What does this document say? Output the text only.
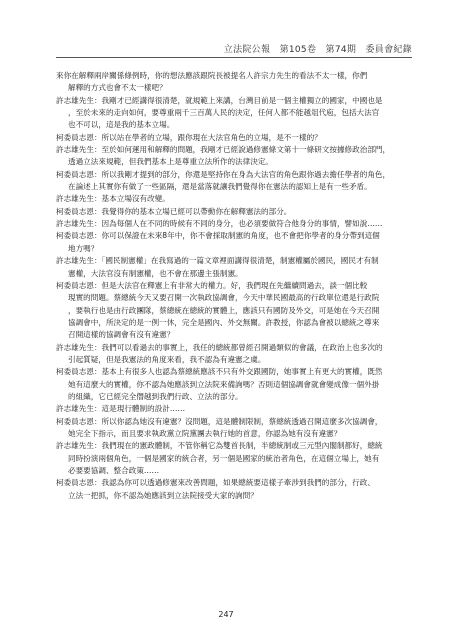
立法院公報　第105卷　第74期　委員會紀錄
來你在解釋兩岸關係條例時，你的想法應該跟院長被提名人許宗力先生的看法不太一樣，你們
解釋的方式也會不太一樣吧？
許志雄先生：我剛才已經講得很清楚，就規範上來講，台灣目前是一個主權獨立的國家，中國也是
，至於未來的走向如何，要尊重兩千三百萬人民的決定，任何人都不能越俎代庖，包括大法官
也不可以，這是我的基本立場。
柯委員志恩：所以站在學者的立場，跟你現在大法官角色的立場，是不一樣的？
許志雄先生：至於如何運用和解釋的問題，我剛才已經說過修憲條文第十一條研文按據修政治部門，
透過立法來規範，但我們基本上是尊重立法所作的法律決定。
柯委員志恩：所以我剛才提到的部分，你還是堅持你在身為大法官的角色跟你過去擔任學者的角色，
在論述上其實你有做了一些區隔，還是當落就讓我們覺得你在憲法的認知上是有一些矛盾。
許志雄先生：基本立場沒有改變。
柯委員志恩：我覺得你的基本立場已經可以帶動你在解釋憲法的部分。
許志雄先生：因為每個人在不同的時候有不同的身分，也必須要做符合他身分的事情，譬如說……
柯委員志恩：你可以保證在未來8年中，你不會採取制憲的角度，也不會把你學者的身分帶到這個
地方嗎？
許志雄先生：「國民制憲權」在我寫過的一篇文章裡面講得很清楚，制憲權屬於國民，國民才有制
憲權，大法官沒有制憲權，也不會在那邊主張制憲。
柯委員志恩：但是大法官在釋憲上有非常大的權力。好，我們現在先繼續問過去，談一個比較
現實的問題。蔡總統今天又要召開一次執政協調會，今天中華民國最高的行政單位還是行政院
，要執行也是由行政團隊，蔡總統在總統的實體上，應該只有國防及外交，可是她在今天召開
協調會中，所決定的是一例一休，完全是國內、外交無關。許教授，你認為會被以總統之尊來
召開這樣的協調會有沒有違憲？
許志雄先生：我們可以看過去的事實上，我任的總統都曾經召開過類似的會議，在政治上也多次的
引起質疑，但是我憲法的角度來看，我不認為有違憲之虞。
柯委員志恩：基本上有很多人也認為蔡總統應該不只有外交跟國防，她事實上有更大的實權，既然
她有這麼大的實權，你不認為她應該到立法院來備詢嗎？否則這個協調會就會變成像一個外掛
的組織，它已經完全僭越到我們行政、立法的部分。
許志雄先生：這是現行體制的設計……
柯委員志恩：所以你認為她沒有違憲？沒問題，這是體制限制，蔡總統透過召開這麼多次協調會，
她完全下指示，而且要求執政黨立院黨團去執行她的首意，你認為她有沒有違憲？
許志雄先生：我們現在的憲政體制，不管你稱它為雙首長制，半總統制或三元型內閣制都好，總統
同時扮演兩個角色，一個是國家的統合者，另一個是國家的統治者角色，在這個立場上，她有
必要要協調、整合政策……
柯委員志恩：我認為你可以透過修憲來改善問題，如果總統要這樣子牽涉到我們的部分，行政、
立法一把抓，你不認為她應該到立法院接受大家的詢問？
247
